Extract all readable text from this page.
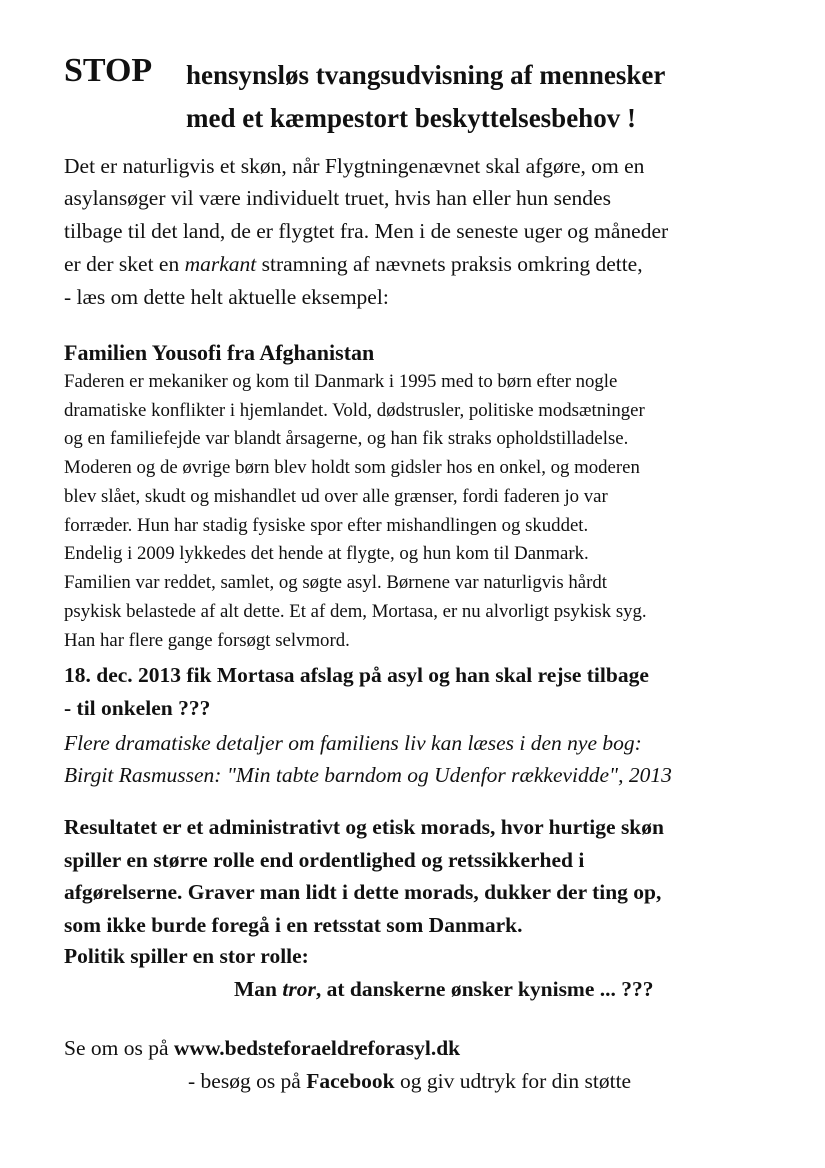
STOP hensynsløs tvangsudvisning af mennesker
med et kæmpestort beskyttelsesbehov !
Det er naturligvis et skøn, når Flygtningenævnet skal afgøre, om en
asylansøger vil være individuelt truet, hvis han eller hun sendes
tilbage til det land, de er flygtet fra. Men i de seneste uger og måneder
er der sket en markant stramning af nævnets praksis omkring dette,
- læs om dette helt aktuelle eksempel:
Familien Yousofi fra Afghanistan
Faderen er mekaniker og kom til Danmark i 1995 med to børn efter nogle
dramatiske konflikter i hjemlandet. Vold, dødstrusler, politiske modsætninger
og en familiefejde var blandt årsagerne, og han fik straks opholdstilladelse.
Moderen og de øvrige børn blev holdt som gidsler hos en onkel, og moderen
blev slået, skudt og mishandlet ud over alle grænser, fordi faderen jo var
forræder. Hun har stadig fysiske spor efter mishandlingen og skuddet.
Endelig i 2009 lykkedes det hende at flygte, og hun kom til Danmark.
Familien var reddet, samlet, og søgte asyl. Børnene var naturligvis hårdt
psykisk belastede af alt dette. Et af dem, Mortasa, er nu alvorligt psykisk syg.
Han har flere gange forsøgt selvmord.
18. dec. 2013 fik Mortasa afslag på asyl og han skal rejse tilbage
- til onkelen ???
Flere dramatiske detaljer om familiens liv kan læses i den nye bog:
Birgit Rasmussen: "Min tabte barndom og Udenfor rækkevidde", 2013
Resultatet er et administrativt og etisk morads, hvor hurtige skøn
spiller en større rolle end ordentlighed og retssikkerhed i
afgørelserne. Graver man lidt i dette morads, dukker der ting op,
som ikke burde foregå i en retsstat som Danmark.
Politik spiller en stor rolle:
Man tror, at danskerne ønsker kynisme ... ???
Se om os på www.bedsteforaeldreforasyl.dk
- besøg os på Facebook og giv udtryk for din støtte
